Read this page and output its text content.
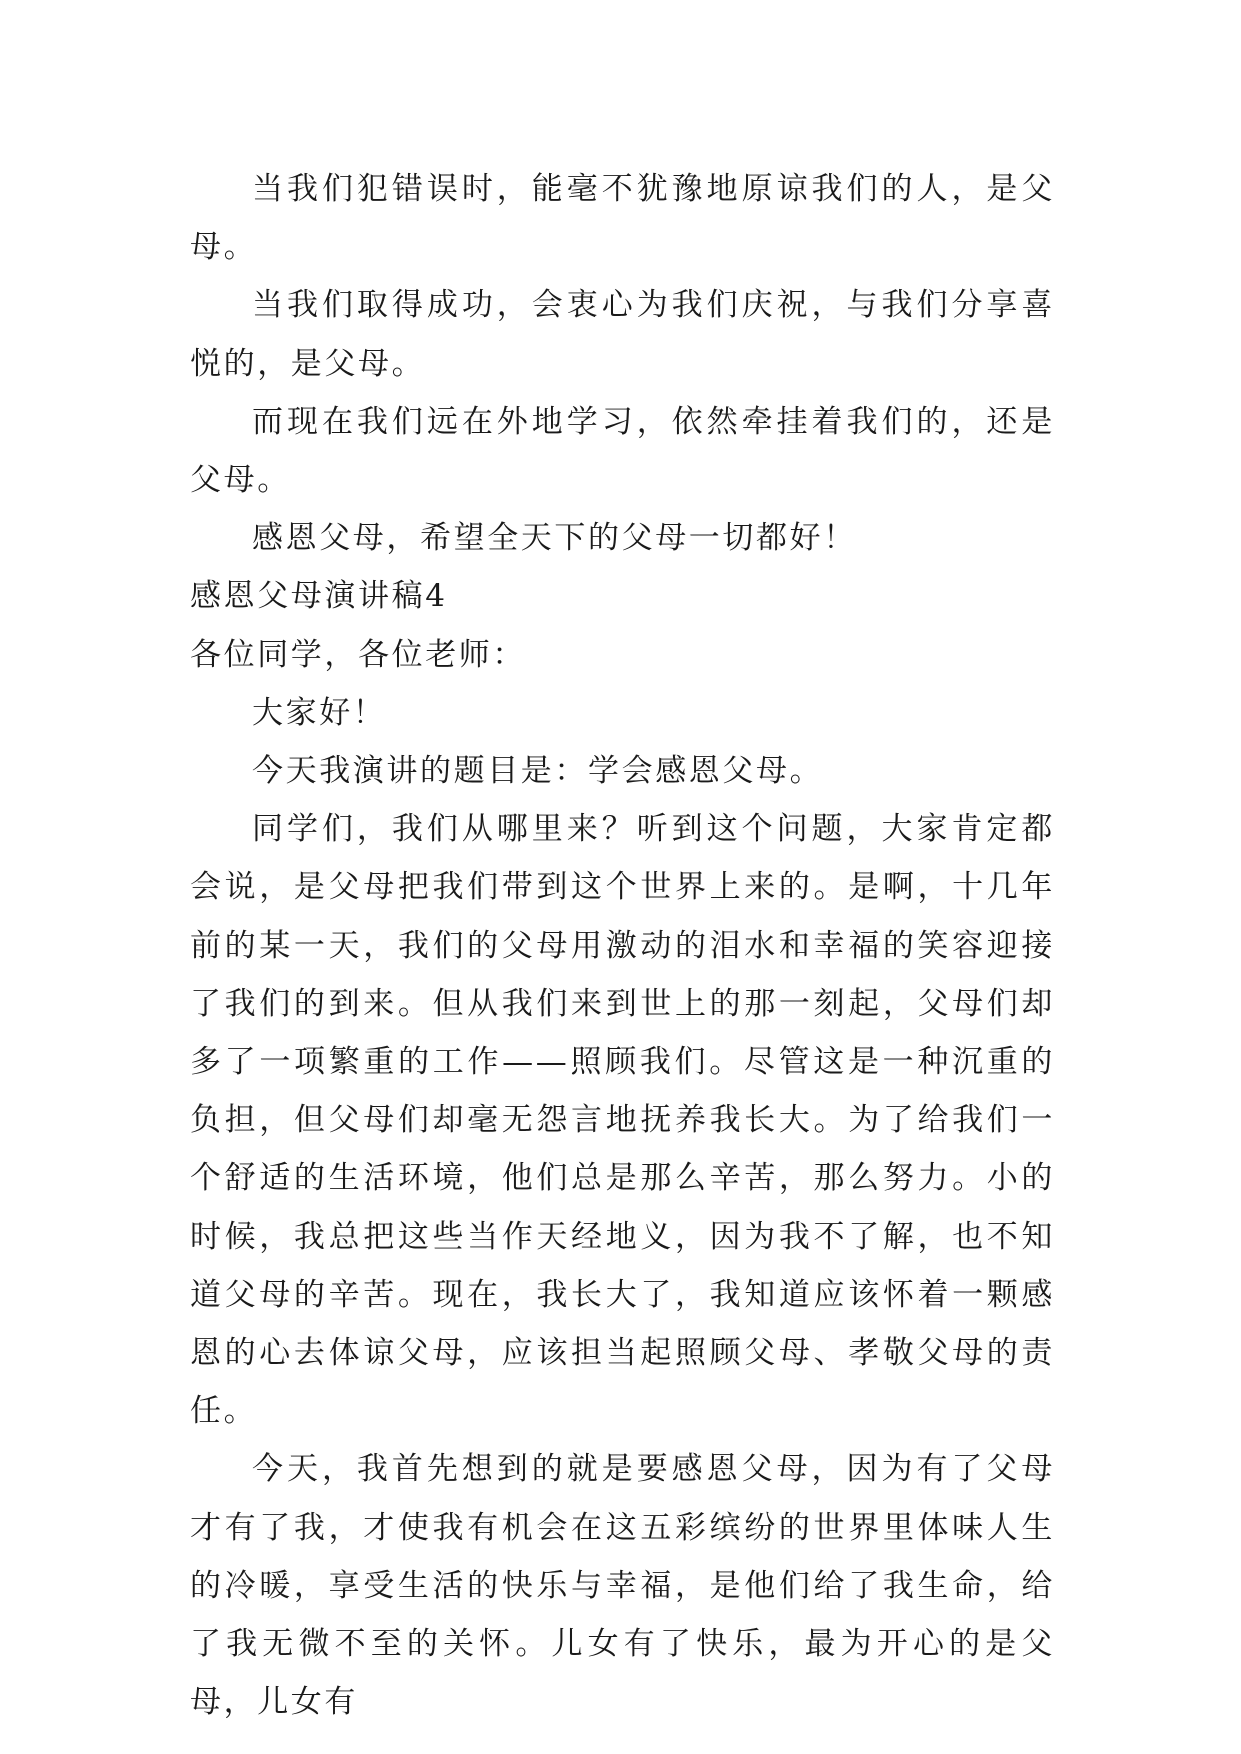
当我们犯错误时，能毫不犹豫地原谅我们的人，是父母。

当我们取得成功，会衷心为我们庆祝，与我们分享喜悦的，是父母。

而现在我们远在外地学习，依然牵挂着我们的，还是父母。

感恩父母，希望全天下的父母一切都好！

感恩父母演讲稿4

各位同学，各位老师：

大家好！

今天我演讲的题目是：学会感恩父母。

同学们，我们从哪里来？听到这个问题，大家肯定都会说，是父母把我们带到这个世界上来的。是啊，十几年前的某一天，我们的父母用激动的泪水和幸福的笑容迎接了我们的到来。但从我们来到世上的那一刻起，父母们却多了一项繁重的工作——照顾我们。尽管这是一种沉重的负担，但父母们却毫无怨言地抚养我长大。为了给我们一个舒适的生活环境，他们总是那么辛苦，那么努力。小的时候，我总把这些当作天经地义，因为我不了解，也不知道父母的辛苦。现在，我长大了，我知道应该怀着一颗感恩的心去体谅父母，应该担当起照顾父母、孝敬父母的责任。

今天，我首先想到的就是要感恩父母，因为有了父母才有了我，才使我有机会在这五彩缤纷的世界里体味人生的冷暖，享受生活的快乐与幸福，是他们给了我生命，给了我无微不至的关怀。儿女有了快乐，最为开心的是父母，儿女有
